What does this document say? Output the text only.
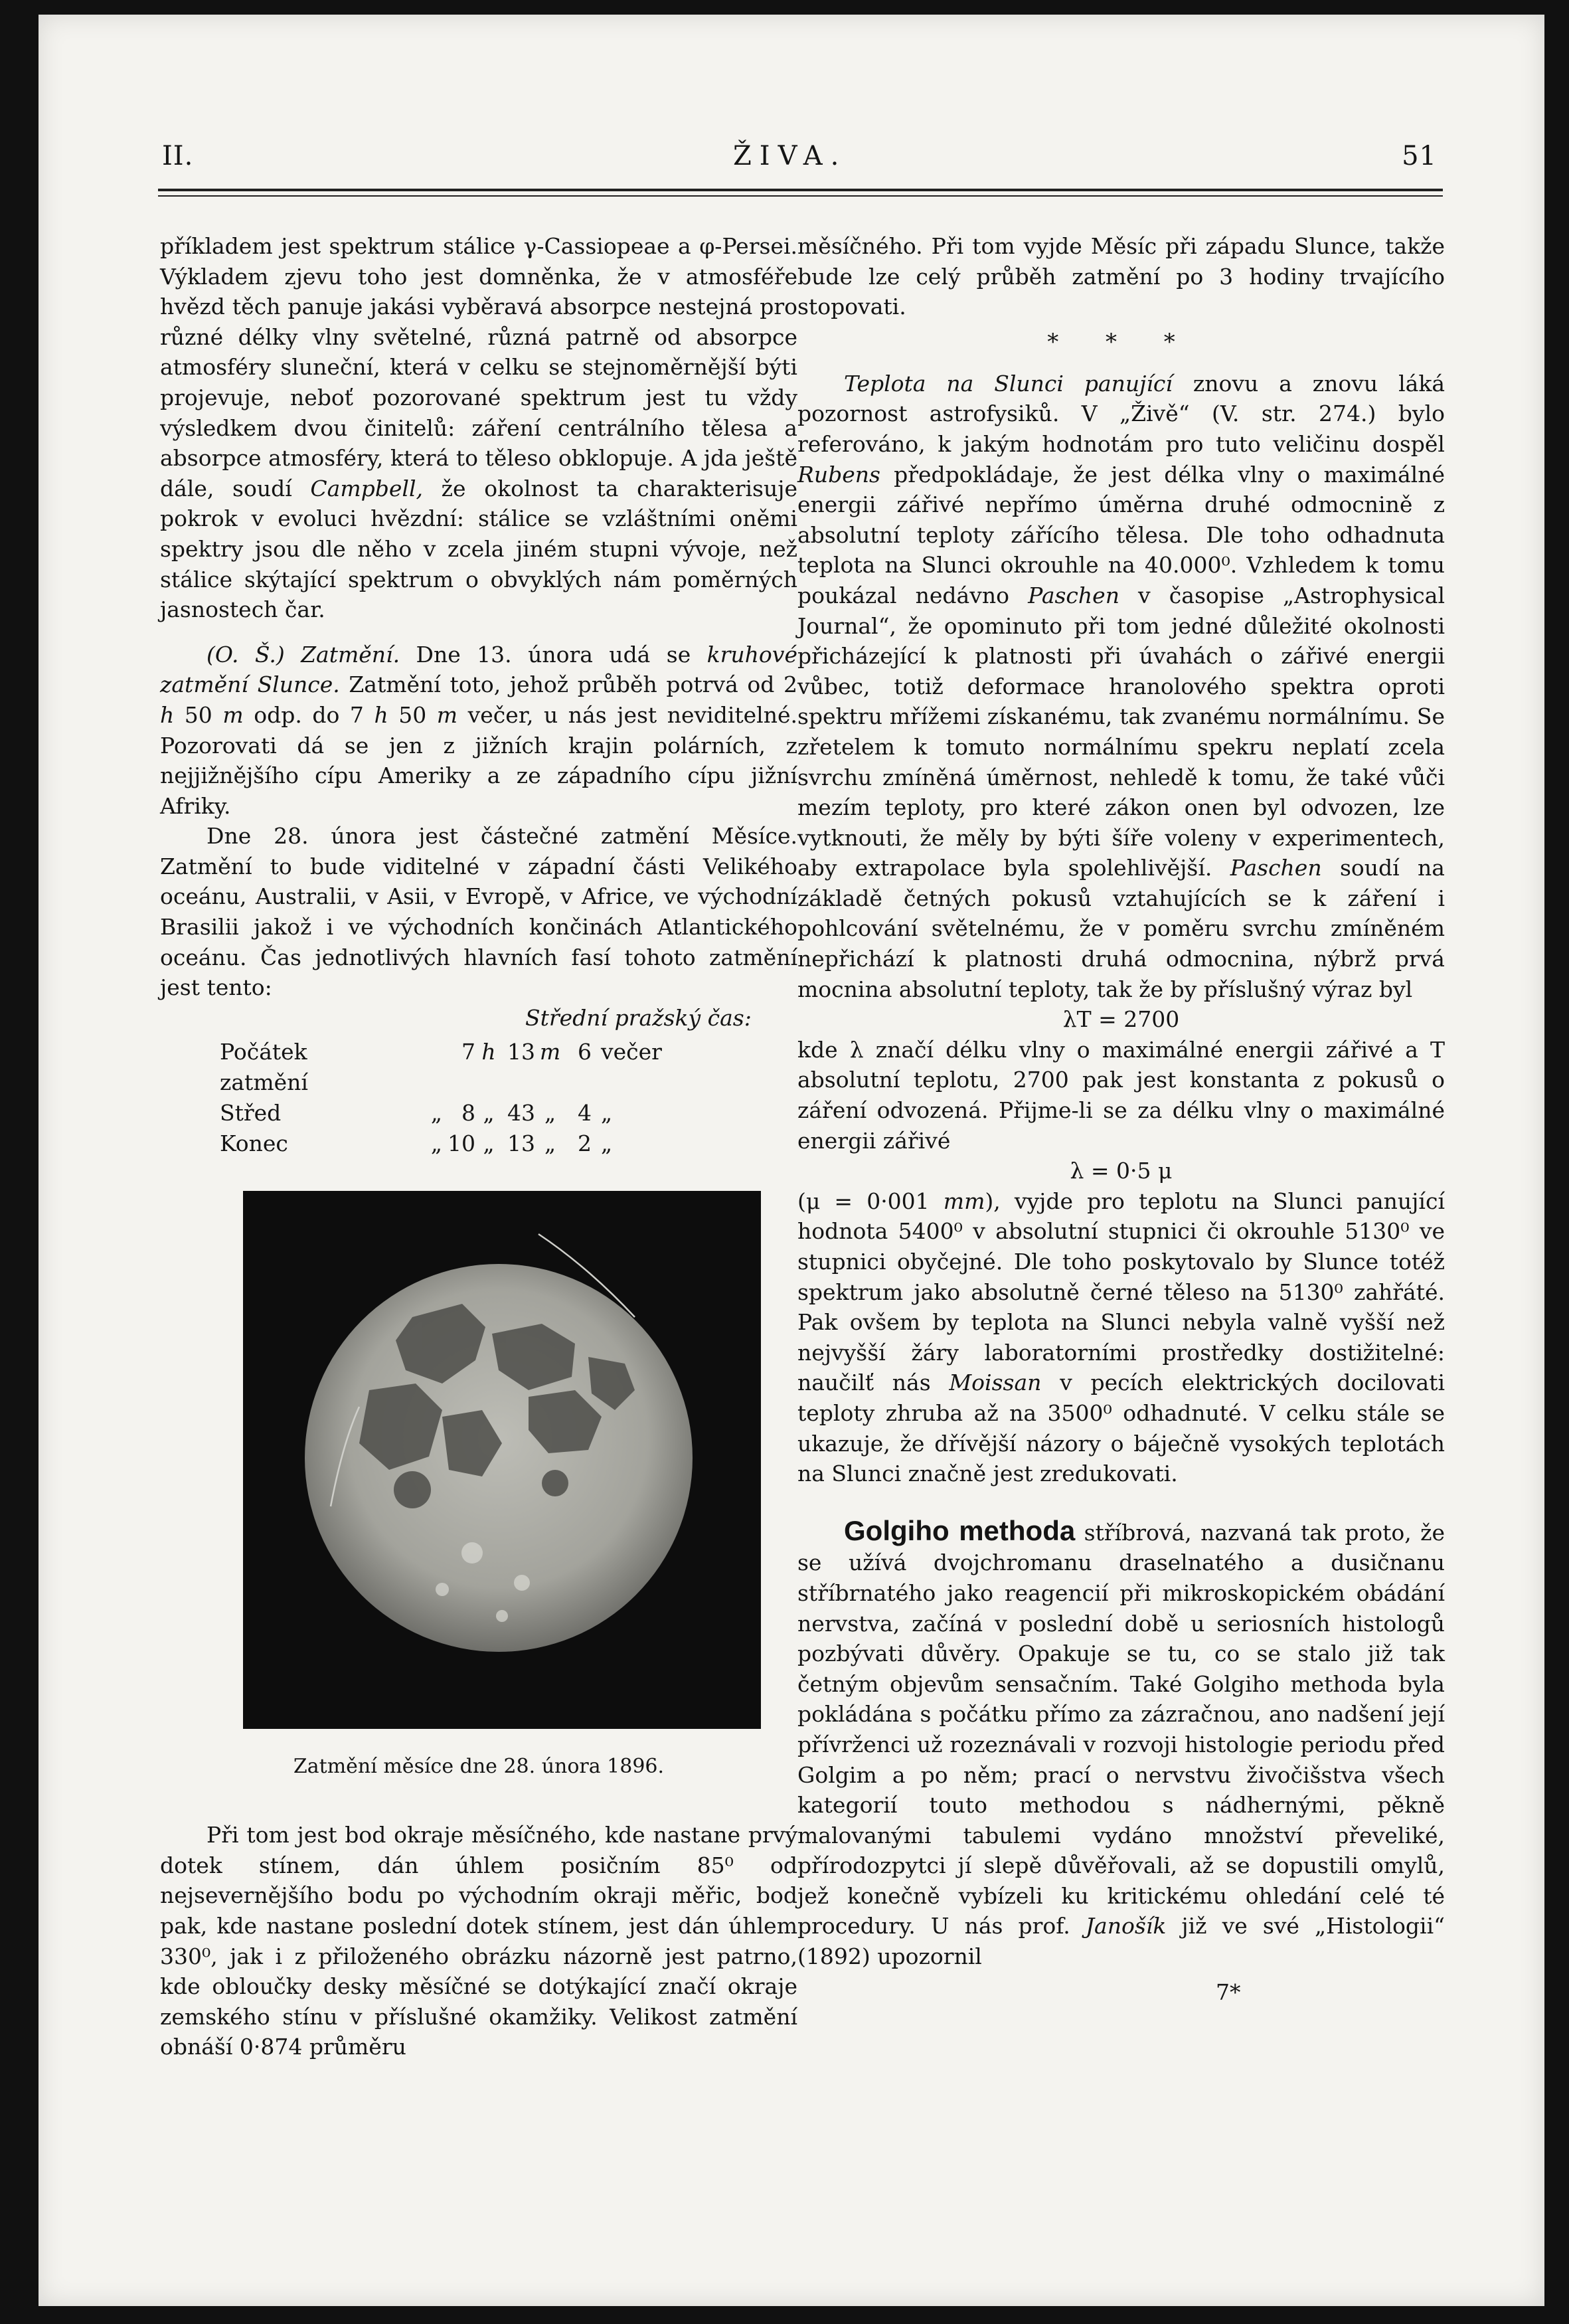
II.	ŽIVA.	51

příkladem jest spektrum stálice γ-Cassiopeae a φ-Persei. Výkladem zjevu toho jest domněnka, že v atmosféře hvězd těch panuje jakási vyběravá absorpce nestejná pro různé délky vlny světelné, různá patrně od absorpce atmosféry sluneční, která v celku se stejnoměrnější býti projevuje, neboť pozorované spektrum jest tu vždy výsledkem dvou činitelů: záření centrálního tělesa a absorpce atmosféry, která to těleso obklopuje. A jda ještě dále, soudí Campbell, že okolnost ta charakterisuje pokrok v evoluci hvězdní: stálice se vzláštními oněmi spektry jsou dle něho v zcela jiném stupni vývoje, než stálice skýtající spektrum o obvyklých nám poměrných jasnostech čar.

(O. Š.) Zatmění. Dne 13. února udá se kruhové zatmění Slunce. Zatmění toto, jehož průběh potrvá od 2 h 50 m odp. do 7 h 50 m večer, u nás jest neviditelné. Pozorovati dá se jen z jižních krajin polárních, z nejjižnějšího cípu Ameriky a ze západního cípu jižní Afriky.

Dne 28. února jest částečné zatmění Měsíce. Zatmění to bude viditelné v západní části Velikého oceánu, Australii, v Asii, v Evropě, v Africe, ve východní Brasilii jakož i ve východních končinách Atlantického oceánu. Čas jednotlivých hlavních fasí tohoto zatmění jest tento:

Střední pražský čas:
Počátek zatmění		7	h	13	m	6	večer
Střed	„	8	„	43	„	4	„
Konec	„	10	„	13	„	2	„
Zatmění měsíce dne 28. února 1896.

Při tom jest bod okraje měsíčného, kde nastane prvý dotek stínem, dán úhlem posičním 85⁰ od nejsevernějšího bodu po východním okraji měřic, bod pak, kde nastane poslední dotek stínem, jest dán úhlem 330⁰, jak i z přiloženého obrázku názorně jest patrno, kde oblоučky desky měsíčné se dotýkající značí okraje zemského stínu v příslušné okamžiky. Velikost zatmění obnáší 0·874 průměru

měsíčného. Při tom vyjde Měsíc při západu Slunce, takže bude lze celý průběh zatmění po 3 hodiny trvajícího stopovati.

* * *

Teplota na Slunci panující znovu a znovu láká pozornost astrofysiků. V „Živě“ (V. str. 274.) bylo referováno, k jakým hodnotám pro tuto veličinu dospěl Rubens předpokládaje, že jest délka vlny o maximálné energii zářivé nepřímo úměrna druhé odmocnině z absolutní teploty zářícího tělesa. Dle toho odhadnuta teplota na Slunci okrouhle na 40.000⁰. Vzhledem k tomu poukázal nedávno Paschen v časopise „Astrophysical Journal“, že opominuto při tom jedné důležité okolnosti přicházející k platnosti při úvahách o zářivé energii vůbec, totiž deformace hranolového spektra oproti spektru mřížemi získanému, tak zvanému normálnímu. Se zřetelem k tomuto normálnímu spekru neplatí zcela svrchu zmíněná úměrnost, nehledě k tomu, že také vůči mezím teploty, pro které zákon onen byl odvozen, lze vytknouti, že měly by býti šíře voleny v experimentech, aby extrapolace byla spolehlivější. Paschen soudí na základě četných pokusů vztahujících se k záření i pohlcování světelnému, že v poměru svrchu zmíněném nepřichází k platnosti druhá odmocnina, nýbrž prvá mocnina absolutní teploty, tak že by příslušný výraz byl

λT = 2700

kde λ značí délku vlny o maximálné energii zářivé a T absolutní teplotu, 2700 pak jest konstanta z pokusů o záření odvozená. Přijme-li se za délku vlny o maximálné energii zářivé

λ = 0·5 μ

(μ = 0·001 mm), vyjde pro teplotu na Slunci panující hodnota 5400⁰ v absolutní stupnici či okrouhle 5130⁰ ve stupnici obyčejné. Dle toho poskytovalo by Slunce totéž spektrum jako absolutně černé těleso na 5130⁰ zahřáté. Pak ovšem by teplota na Slunci nebyla valně vyšší než nejvyšší žáry laboratorními prostředky dostižitelné: naučilť nás Moissan v pecích elektrických docilovati teploty zhruba až na 3500⁰ odhadnuté. V celku stále se ukazuje, že dřívější názory o báječně vysokých teplotách na Slunci značně jest zredukovati.

Golgiho methoda stříbrová, nazvaná tak proto, že se užívá dvojchromanu draselnatého a dusičnanu stříbrnatého jako reagencií při mikroskopickém obádání nervstva, začíná v poslední době u seriosních histologů pozbývati důvěry. Opakuje se tu, co se stalo již tak četným objevům sensačním. Také Golgiho methoda byla pokládána s počátku přímo za zázračnou, ano nadšení její přívrženci už rozeznávali v rozvoji histologie periodu před Golgim a po něm; prací o nervstvu živočišstva všech kategorií touto methodou s nádhernými, pěkně malovanými tabulemi vydáno množství převeliké, přírodozpytci jí slepě důvěřovali, až se dopustili omylů, jež konečně vybízeli ku kritickému ohledání celé té procedury. U nás prof. Janošík již ve své „Histologii“ (1892) upozornil

7*
